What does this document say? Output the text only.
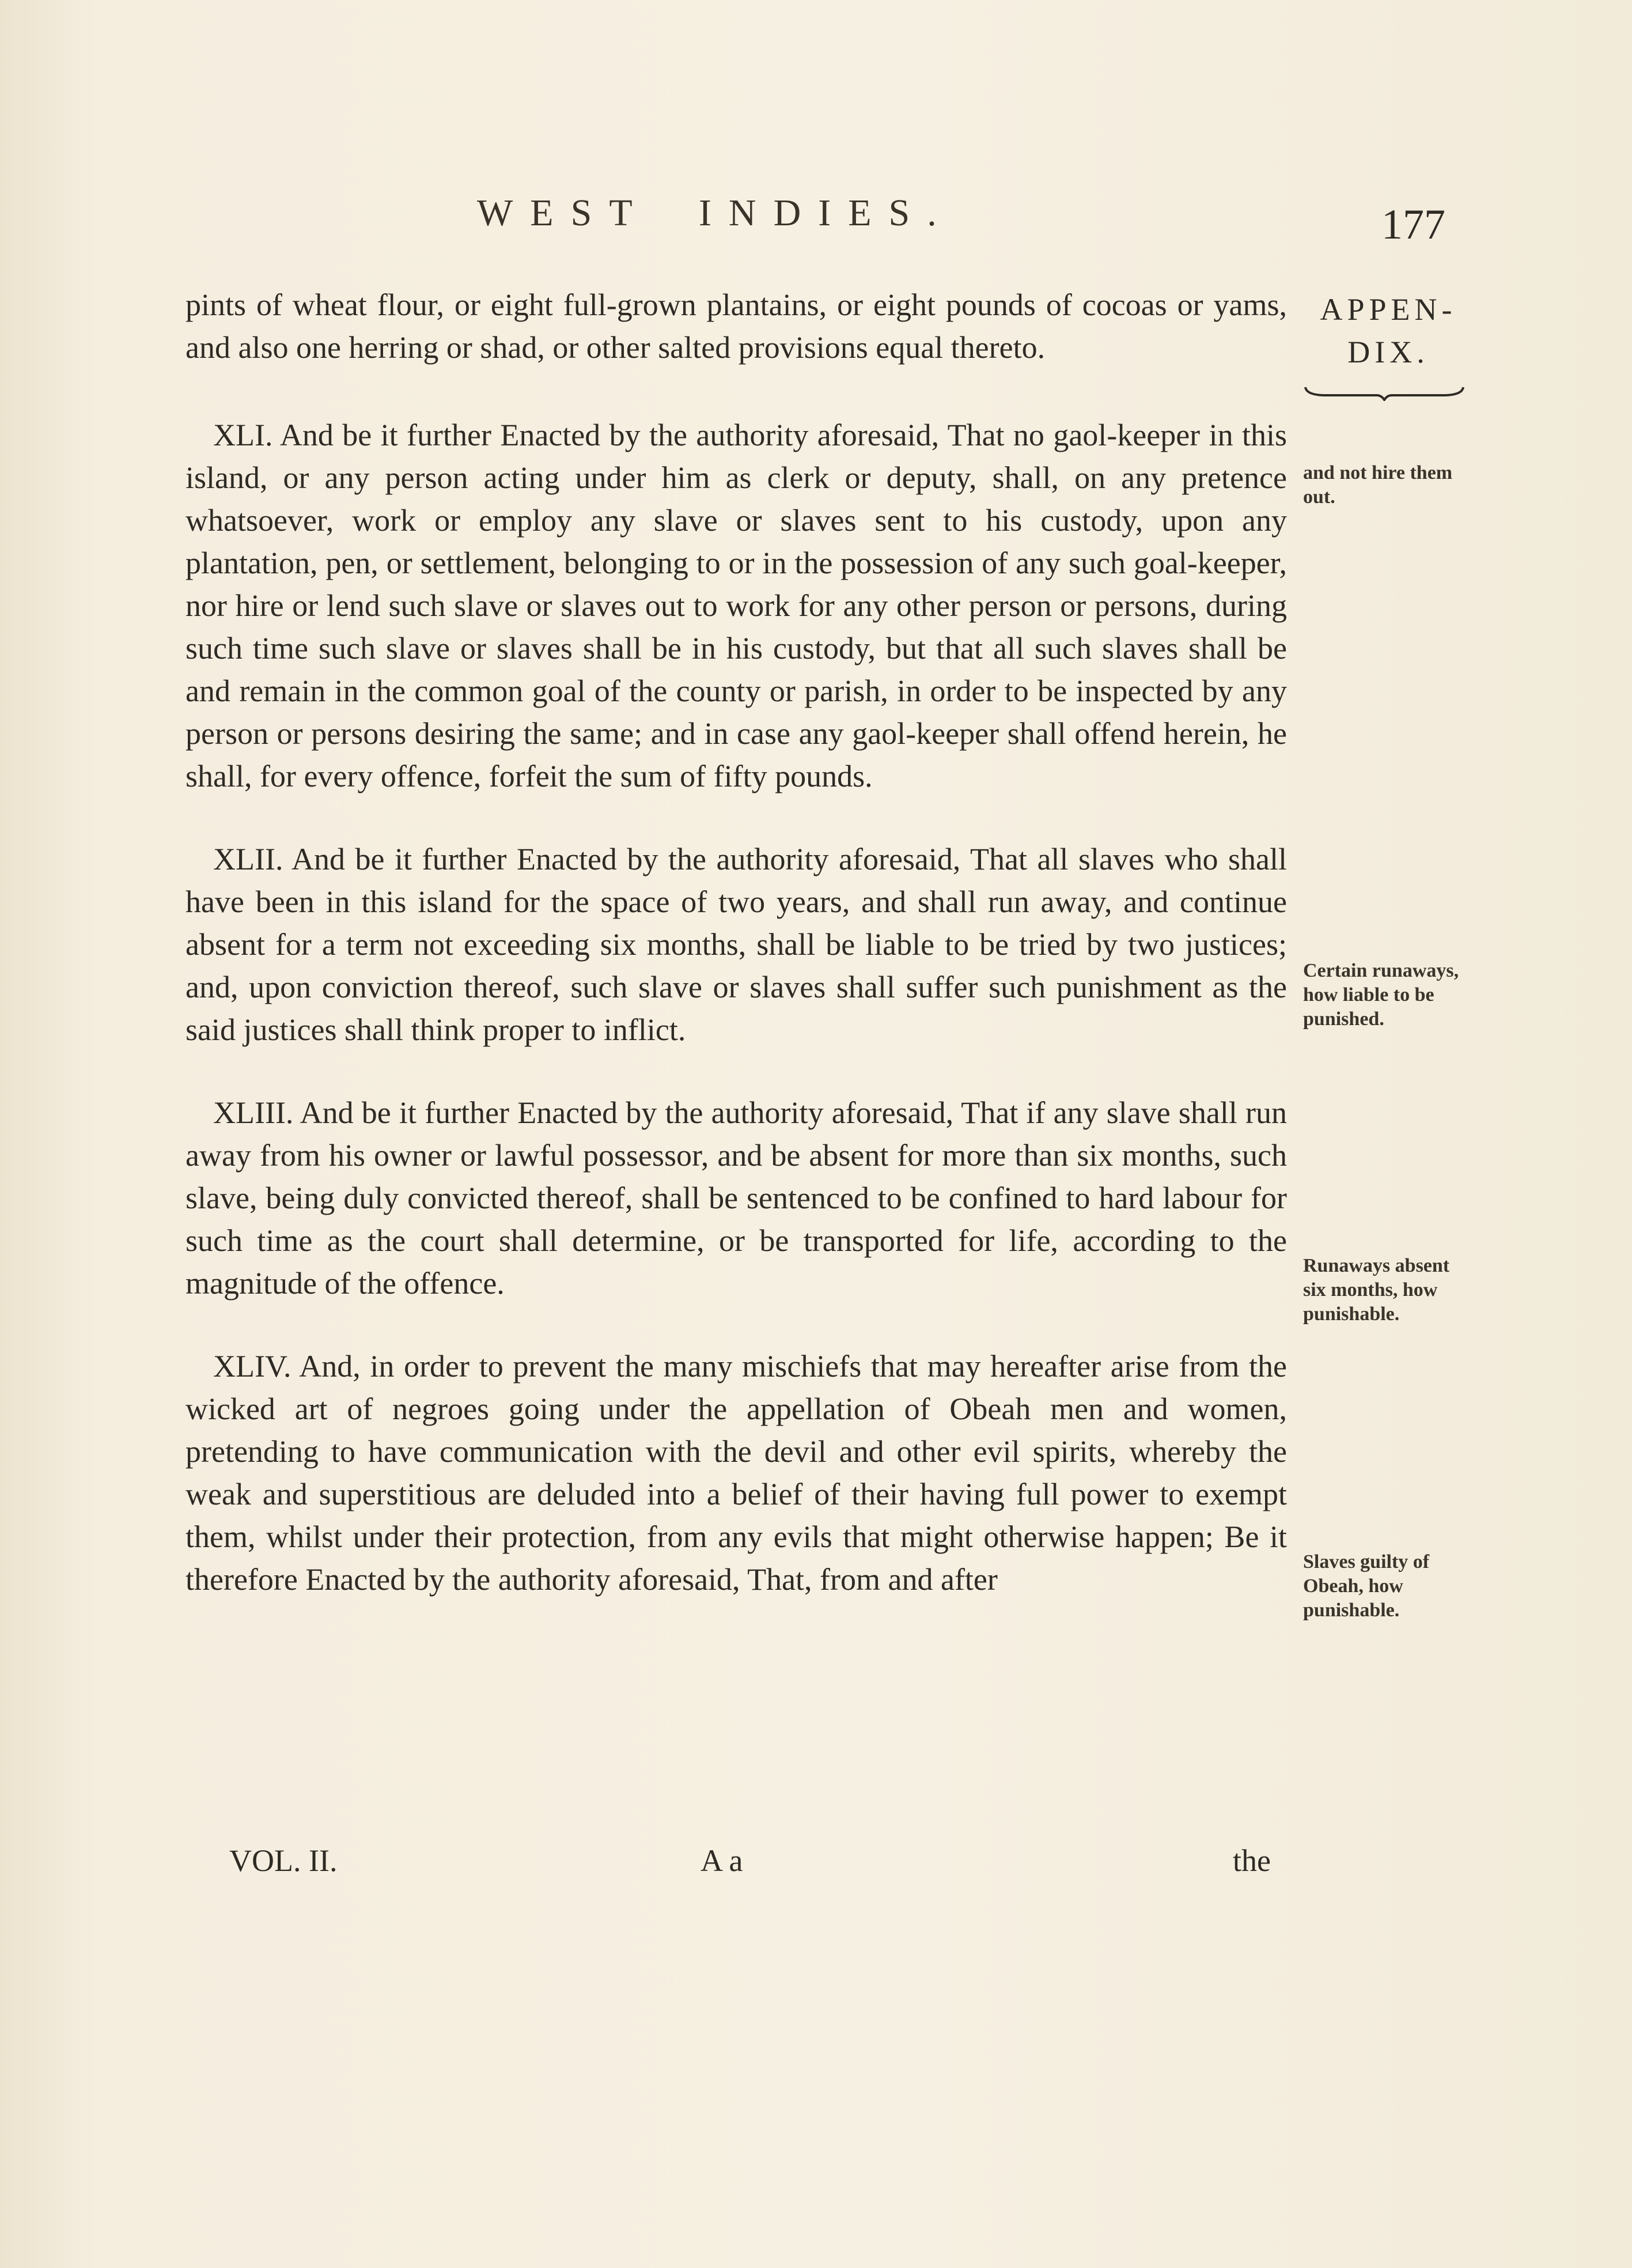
WEST INDIES.	177
APPEN-
DIX.

pints of wheat flour, or eight full-grown plantains, or eight pounds of cocoas or yams, and also one herring or shad, or other salted provisions equal thereto.

XLI. And be it further Enacted by the authority aforesaid, That no gaol-keeper in this island, or any person acting under him as clerk or deputy, shall, on any pretence whatsoever, work or employ any slave or slaves sent to his custody, upon any plantation, pen, or settlement, belonging to or in the possession of any such goal-keeper, nor hire or lend such slave or slaves out to work for any other person or persons, during such time such slave or slaves shall be in his custody, but that all such slaves shall be and remain in the common goal of the county or parish, in order to be inspected by any person or persons desiring the same; and in case any gaol-keeper shall offend herein, he shall, for every offence, forfeit the sum of fifty pounds.

XLII. And be it further Enacted by the authority aforesaid, That all slaves who shall have been in this island for the space of two years, and shall run away, and continue absent for a term not exceeding six months, shall be liable to be tried by two justices; and, upon conviction thereof, such slave or slaves shall suffer such punishment as the said justices shall think proper to inflict.

XLIII. And be it further Enacted by the authority aforesaid, That if any slave shall run away from his owner or lawful possessor, and be absent for more than six months, such slave, being duly convicted thereof, shall be sentenced to be confined to hard labour for such time as the court shall determine, or be transported for life, according to the magnitude of the offence.

XLIV. And, in order to prevent the many mischiefs that may hereafter arise from the wicked art of negroes going under the appellation of Obeah men and women, pretending to have communication with the devil and other evil spirits, whereby the weak and superstitious are deluded into a belief of their having full power to exempt them, whilst under their protection, from any evils that might otherwise happen; Be it therefore Enacted by the authority aforesaid, That, from and after

and not hire them out.
Certain runaways, how liable to be punished.
Runaways absent six months, how punishable.
Slaves guilty of Obeah, how punishable.
VOL. II.	A a	the
